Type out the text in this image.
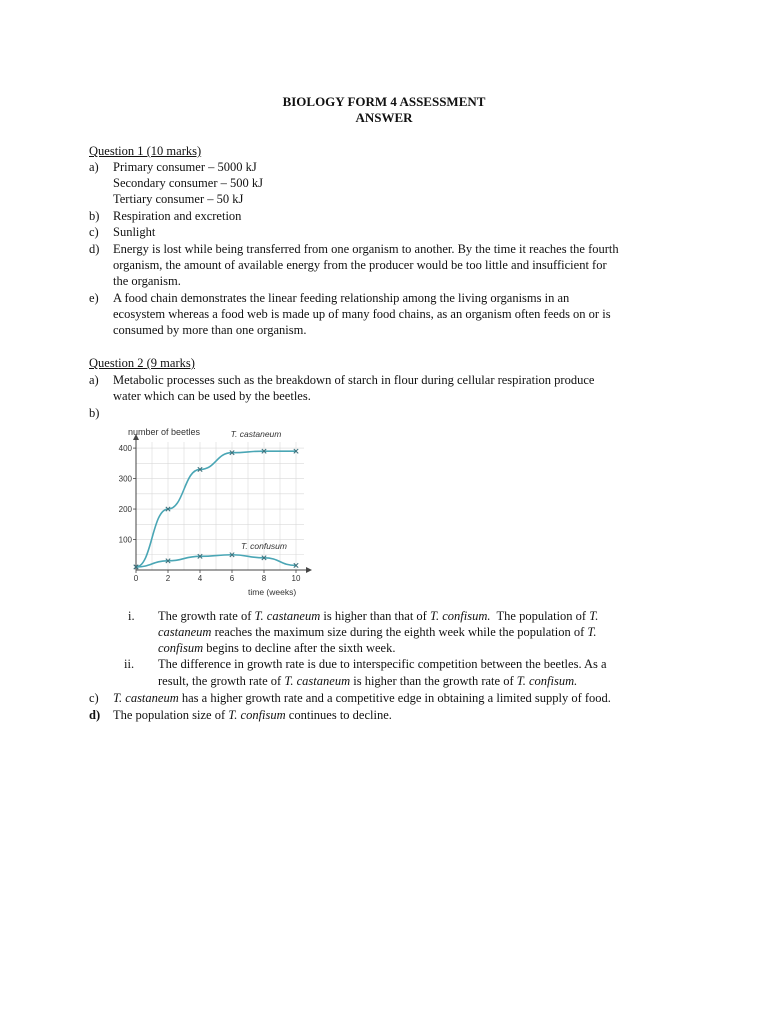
BIOLOGY FORM 4 ASSESSMENT
ANSWER
Question 1 (10 marks)
a) Primary consumer – 5000 kJ
Secondary consumer – 500 kJ
Tertiary consumer – 50 kJ
b) Respiration and excretion
c) Sunlight
d) Energy is lost while being transferred from one organism to another. By the time it reaches the fourth
organism, the amount of available energy from the producer would be too little and insufficient for
the organism.
e) A food chain demonstrates the linear feeding relationship among the living organisms in an
ecosystem whereas a food web is made up of many food chains, as an organism often feeds on or is
consumed by more than one organism.
Question 2 (9 marks)
a) Metabolic processes such as the breakdown of starch in flour during cellular respiration produce
water which can be used by the beetles.
b)
0	2	4	6	8	10
100
200
300
400
T. castaneum
T. confusum
number of beetles
time (weeks)
i. The growth rate of T. castaneum is higher than that of T. confisum.  The population of T.
castaneum reaches the maximum size during the eighth week while the population of T.
confisum begins to decline after the sixth week.
ii. The difference in growth rate is due to interspecific competition between the beetles. As a
result, the growth rate of T. castaneum is higher than the growth rate of T. confisum.
c) T. castaneum has a higher growth rate and a competitive edge in obtaining a limited supply of food.
d) The population size of T. confisum continues to decline.
